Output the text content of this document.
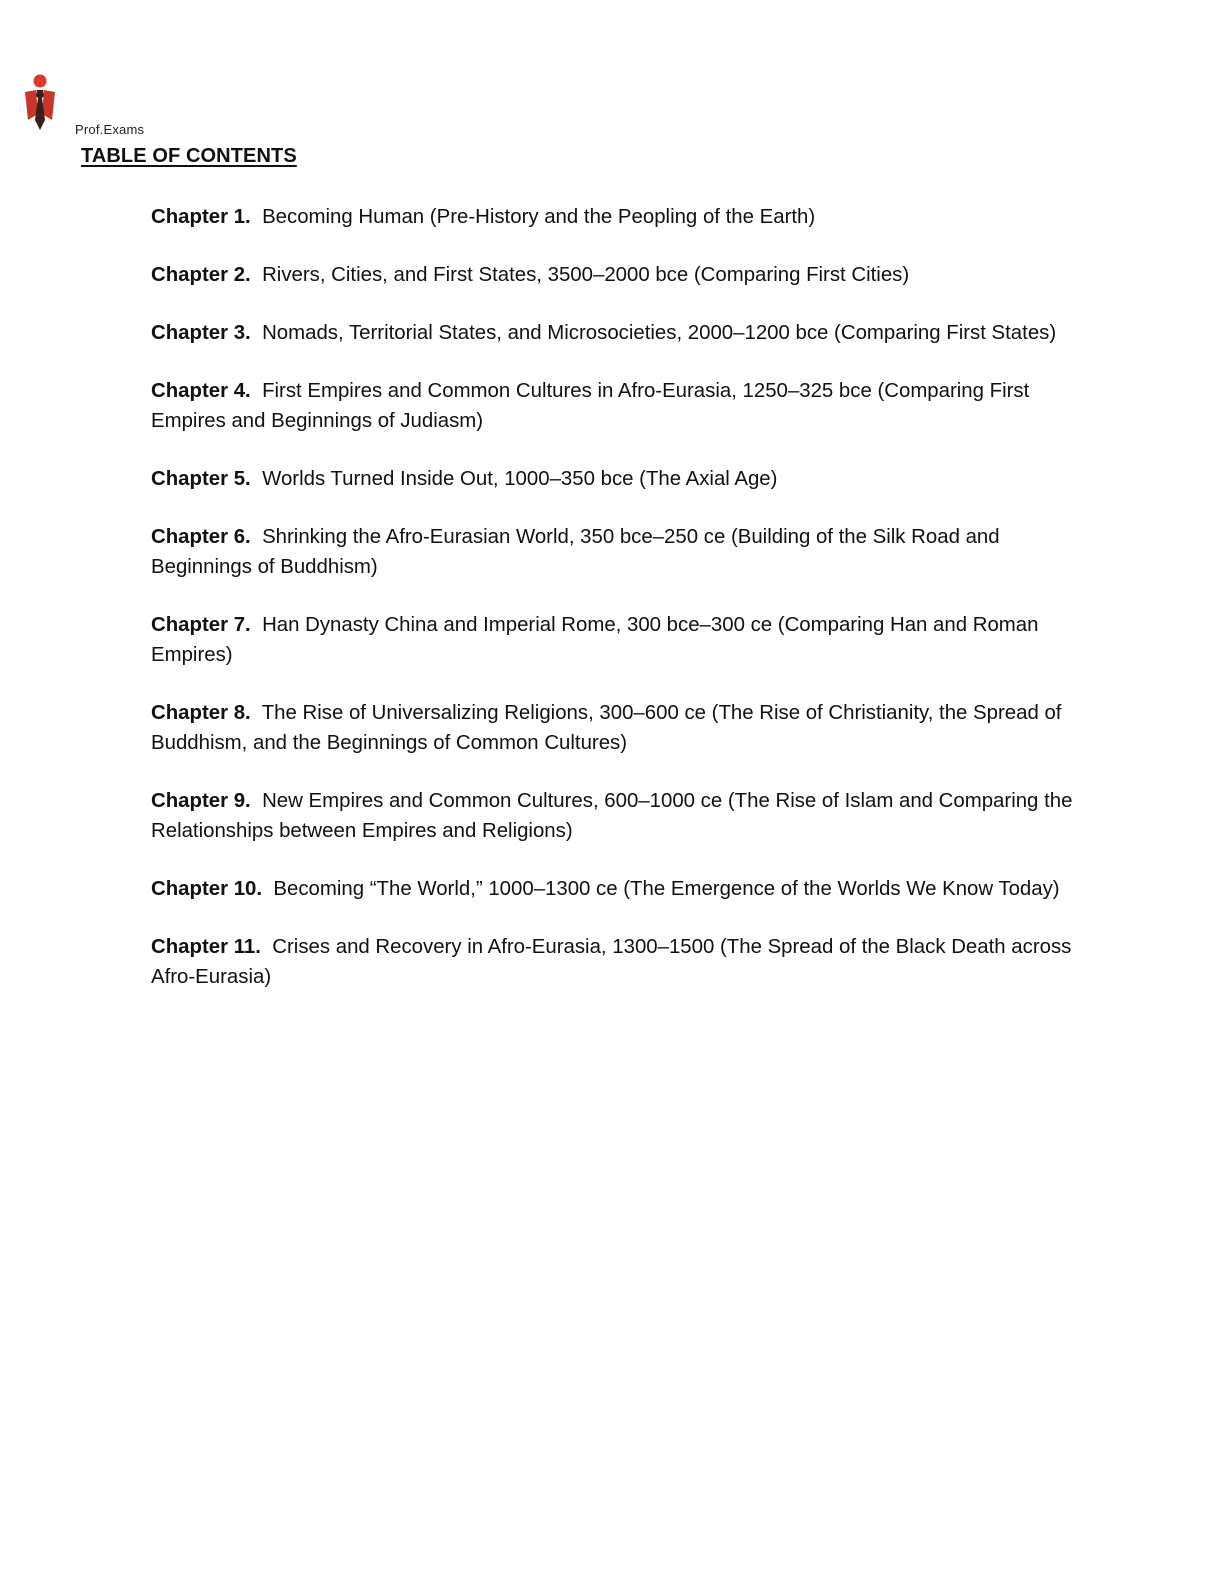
Prof.Exams
TABLE OF CONTENTS
Chapter 1. Becoming Human (Pre-History and the Peopling of the Earth)
Chapter 2. Rivers, Cities, and First States, 3500–2000 bce (Comparing First Cities)
Chapter 3. Nomads, Territorial States, and Microsocieties, 2000–1200 bce (Comparing First States)
Chapter 4. First Empires and Common Cultures in Afro-Eurasia, 1250–325 bce (Comparing First Empires and Beginnings of Judiasm)
Chapter 5. Worlds Turned Inside Out, 1000–350 bce (The Axial Age)
Chapter 6. Shrinking the Afro-Eurasian World, 350 bce–250 ce (Building of the Silk Road and Beginnings of Buddhism)
Chapter 7. Han Dynasty China and Imperial Rome, 300 bce–300 ce (Comparing Han and Roman Empires)
Chapter 8. The Rise of Universalizing Religions, 300–600 ce (The Rise of Christianity, the Spread of Buddhism, and the Beginnings of Common Cultures)
Chapter 9. New Empires and Common Cultures, 600–1000 ce (The Rise of Islam and Comparing the Relationships between Empires and Religions)
Chapter 10. Becoming “The World,” 1000–1300 ce (The Emergence of the Worlds We Know Today)
Chapter 11. Crises and Recovery in Afro-Eurasia, 1300–1500 (The Spread of the Black Death across Afro-Eurasia)
